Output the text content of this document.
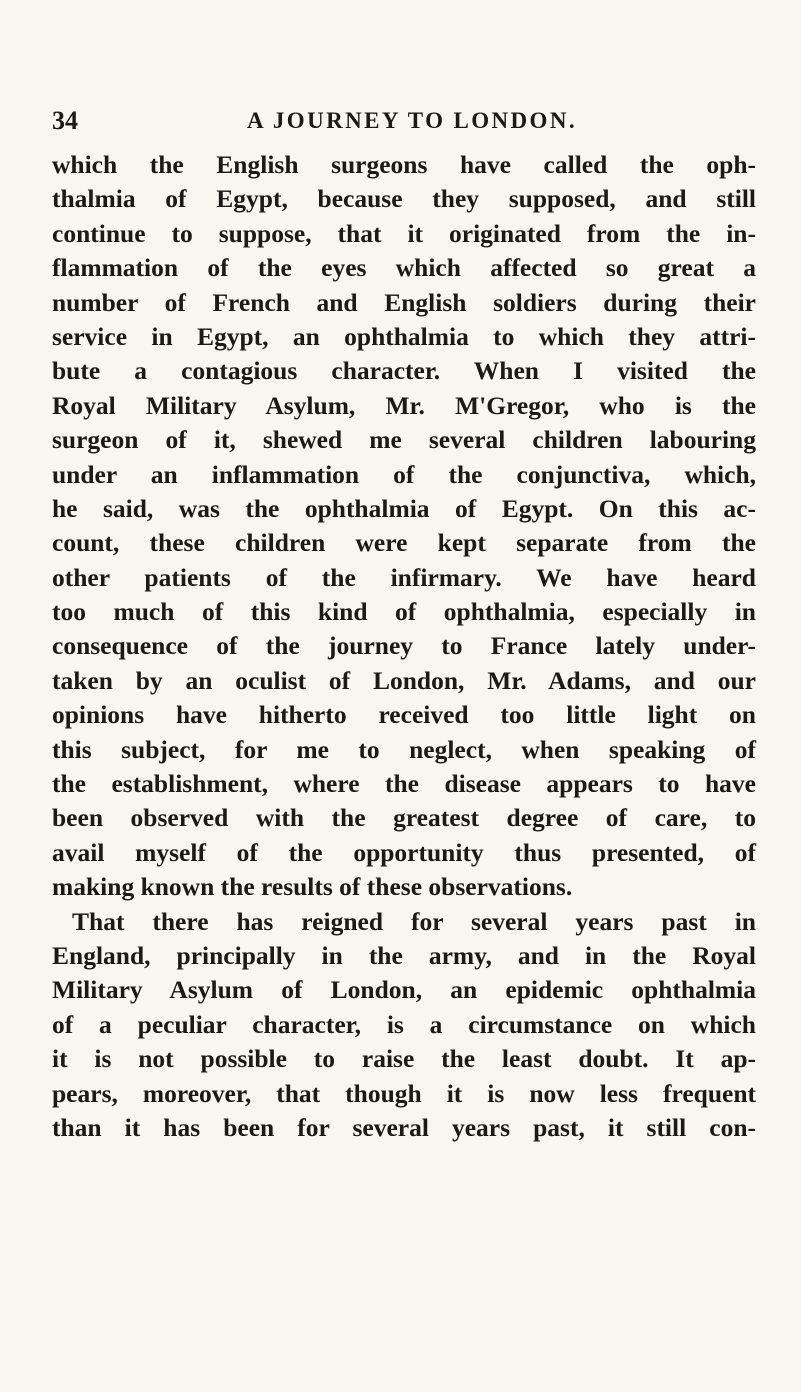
34	A JOURNEY TO LONDON.
which the English surgeons have called the oph-
thalmia of Egypt, because they supposed, and still
continue to suppose, that it originated from the in-
flammation of the eyes which affected so great a
number of French and English soldiers during their
service in Egypt, an ophthalmia to which they attri-
bute a contagious character. When I visited the
Royal Military Asylum, Mr. M'Gregor, who is the
surgeon of it, shewed me several children labouring
under an inflammation of the conjunctiva, which,
he said, was the ophthalmia of Egypt. On this ac-
count, these children were kept separate from the
other patients of the infirmary. We have heard
too much of this kind of ophthalmia, especially in
consequence of the journey to France lately under-
taken by an oculist of London, Mr. Adams, and our
opinions have hitherto received too little light on
this subject, for me to neglect, when speaking of
the establishment, where the disease appears to have
been observed with the greatest degree of care, to
avail myself of the opportunity thus presented, of
making known the results of these observations.
That there has reigned for several years past in
England, principally in the army, and in the Royal
Military Asylum of London, an epidemic ophthalmia
of a peculiar character, is a circumstance on which
it is not possible to raise the least doubt. It ap-
pears, moreover, that though it is now less frequent
than it has been for several years past, it still con-
